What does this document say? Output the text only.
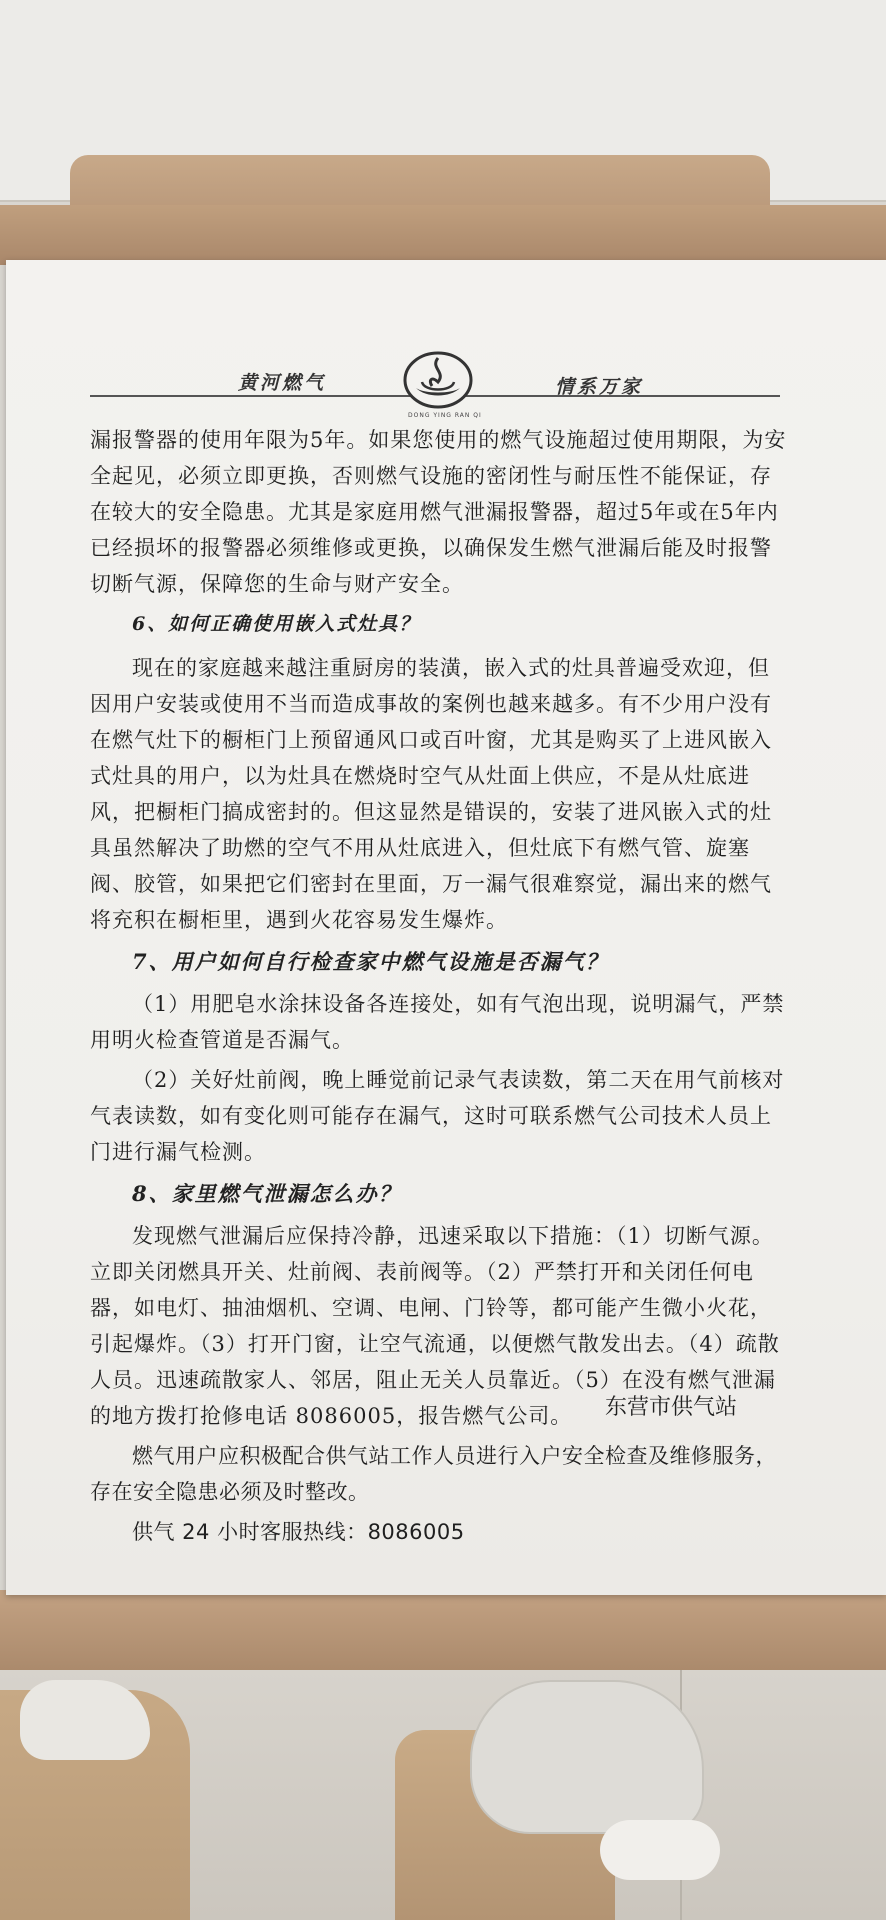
黄河燃气	情系万家
DONG YING RAN QI

漏报警器的使用年限为5年。如果您使用的燃气设施超过使用期限，为安全起见，必须立即更换，否则燃气设施的密闭性与耐压性不能保证，存在较大的安全隐患。尤其是家庭用燃气泄漏报警器，超过5年或在5年内已经损坏的报警器必须维修或更换，以确保发生燃气泄漏后能及时报警切断气源，保障您的生命与财产安全。

6、如何正确使用嵌入式灶具？

现在的家庭越来越注重厨房的装潢，嵌入式的灶具普遍受欢迎，但因用户安装或使用不当而造成事故的案例也越来越多。有不少用户没有在燃气灶下的橱柜门上预留通风口或百叶窗，尤其是购买了上进风嵌入式灶具的用户，以为灶具在燃烧时空气从灶面上供应，不是从灶底进风，把橱柜门搞成密封的。但这显然是错误的，安装了进风嵌入式的灶具虽然解决了助燃的空气不用从灶底进入，但灶底下有燃气管、旋塞阀、胶管，如果把它们密封在里面，万一漏气很难察觉，漏出来的燃气将充积在橱柜里，遇到火花容易发生爆炸。

7、用户如何自行检查家中燃气设施是否漏气？

（1）用肥皂水涂抹设备各连接处，如有气泡出现，说明漏气，严禁用明火检查管道是否漏气。

（2）关好灶前阀，晚上睡觉前记录气表读数，第二天在用气前核对气表读数，如有变化则可能存在漏气，这时可联系燃气公司技术人员上门进行漏气检测。

8、家里燃气泄漏怎么办？

发现燃气泄漏后应保持冷静，迅速采取以下措施：（1）切断气源。立即关闭燃具开关、灶前阀、表前阀等。（2）严禁打开和关闭任何电器，如电灯、抽油烟机、空调、电闸、门铃等，都可能产生微小火花，引起爆炸。（3）打开门窗，让空气流通，以便燃气散发出去。（4）疏散人员。迅速疏散家人、邻居，阻止无关人员靠近。（5）在没有燃气泄漏的地方拨打抢修电话 8086005，报告燃气公司。

燃气用户应积极配合供气站工作人员进行入户安全检查及维修服务，存在安全隐患必须及时整改。

供气 24 小时客服热线：8086005

东营市供气站
